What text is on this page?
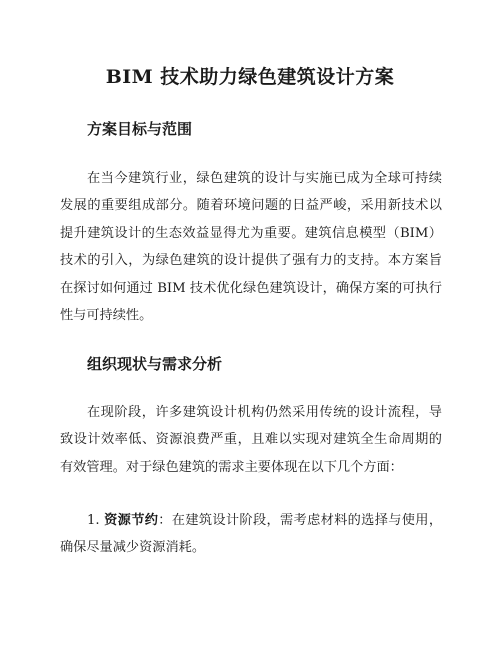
BIM 技术助力绿色建筑设计方案
方案目标与范围

在当今建筑行业，绿色建筑的设计与实施已成为全球可持续发展的重要组成部分。随着环境问题的日益严峻，采用新技术以提升建筑设计的生态效益显得尤为重要。建筑信息模型（BIM）技术的引入，为绿色建筑的设计提供了强有力的支持。本方案旨在探讨如何通过 BIM 技术优化绿色建筑设计，确保方案的可执行性与可持续性。

组织现状与需求分析

在现阶段，许多建筑设计机构仍然采用传统的设计流程，导致设计效率低、资源浪费严重，且难以实现对建筑全生命周期的有效管理。对于绿色建筑的需求主要体现在以下几个方面：

1. 资源节约：在建筑设计阶段，需考虑材料的选择与使用，确保尽量减少资源消耗。
